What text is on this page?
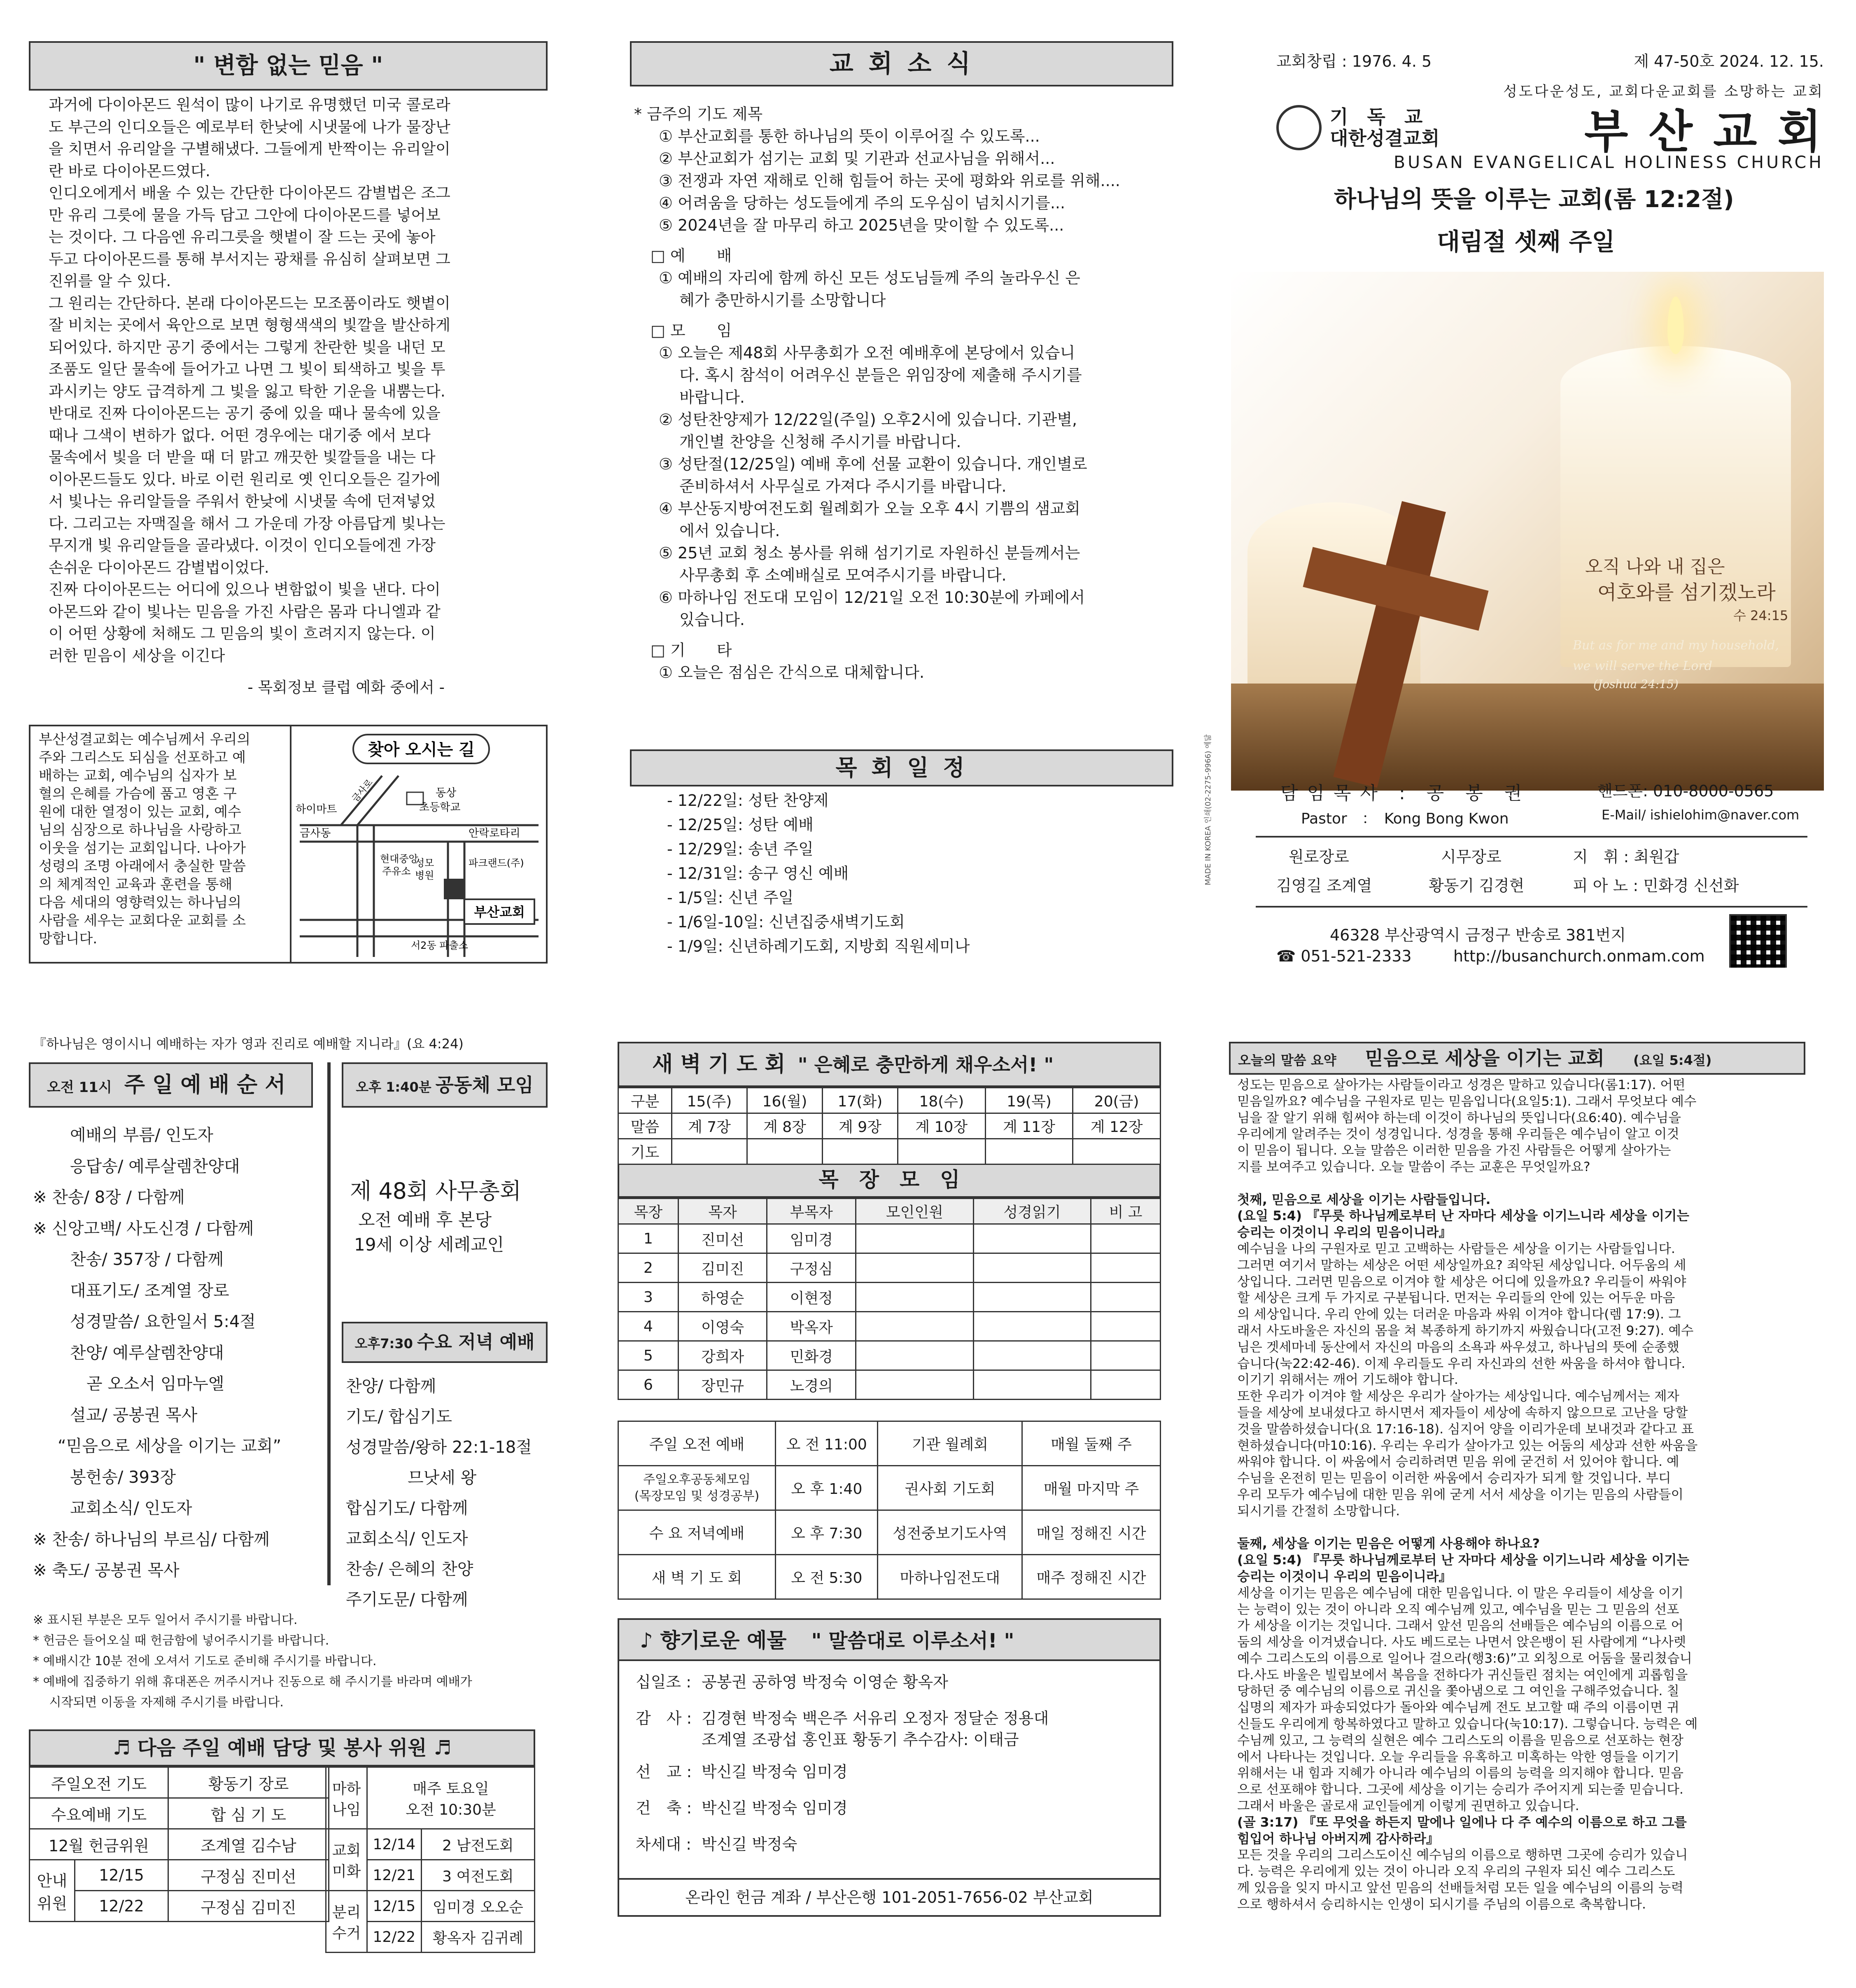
" 변함 없는 믿음 "
과거에 다이아몬드 원석이 많이 나기로 유명했던 미국 콜로라
도 부근의 인디오들은 예로부터 한낮에 시냇물에 나가 물장난
을 치면서 유리알을 구별해냈다. 그들에게 반짝이는 유리알이
란 바로 다이아몬드였다.
인디오에게서 배울 수 있는 간단한 다이아몬드 감별법은 조그
만 유리 그릇에 물을 가득 담고 그안에 다이아몬드를 넣어보
는 것이다. 그 다음엔 유리그릇을 햇볕이 잘 드는 곳에 놓아
두고 다이아몬드를 통해 부서지는 광채를 유심히 살펴보면 그
진위를 알 수 있다.
그 원리는 간단하다. 본래 다이아몬드는 모조품이라도 햇볕이
잘 비치는 곳에서 육안으로 보면 형형색색의 빛깔을 발산하게
되어있다. 하지만 공기 중에서는 그렇게 찬란한 빛을 내던 모
조품도 일단 물속에 들어가고 나면 그 빛이 퇴색하고 빛을 투
과시키는 양도 급격하게 그 빛을 잃고 탁한 기운을 내뿜는다.
반대로 진짜 다이아몬드는 공기 중에 있을 때나 물속에 있을
때나 그색이 변하가 없다. 어떤 경우에는 대기중 에서 보다
물속에서 빛을 더 받을 때 더 맑고 깨끗한 빛깔들을 내는 다
이아몬드들도 있다. 바로 이런 원리로 옛 인디오들은 길가에
서 빛나는 유리알들을 주워서 한낮에 시냇물 속에 던져넣었
다. 그리고는 자맥질을 해서 그 가운데 가장 아름답게 빛나는
무지개 빛 유리알들을 골라냈다. 이것이 인디오들에겐 가장
손쉬운 다이아몬드 감별법이었다.
진짜 다이아몬드는 어디에 있으나 변함없이 빛을 낸다. 다이
아몬드와 같이 빛나는 믿음을 가진 사람은 몸과 다니엘과 같
이 어떤 상황에 처해도 그 믿음의 빛이 흐려지지 않는다. 이
러한 믿음이 세상을 이긴다
- 목회정보 클럽 예화 중에서 -
부산성결교회는 예수님께서 우리의
주와 그리스도 되심을 선포하고 예
배하는 교회, 예수님의 십자가 보
혈의 은혜를 가슴에 품고 영혼 구
원에 대한 열정이 있는 교회, 예수
님의 심장으로 하나님을 사랑하고
이웃을 섬기는 교회입니다. 나아가
성령의 조명 아래에서 충실한 말씀
의 체계적인 교육과 훈련을 통해
다음 세대의 영향력있는 하나님의
사람을 세우는 교회다운 교회를 소
망합니다.
찾아 오시는 길
동상
초등학교
하이마트
금사동	안락로타리
현대중앙
주유소
성모
병원
파크랜드(주)
부산교회
서2동 파출소
금사로
교 회 소 식
* 금주의 기도 제목
① 부산교회를 통한 하나님의 뜻이 이루어질 수 있도록...
② 부산교회가 섬기는 교회 및 기관과 선교사님을 위해서...
③ 전쟁과 자연 재해로 인해 힘들어 하는 곳에 평화와 위로를 위해....
④ 어려움을 당하는 성도들에게 주의 도우심이 넘치시기를...
⑤ 2024년을 잘 마무리 하고 2025년을 맞이할 수 있도록...
□ 예　　배
① 예배의 자리에 함께 하신 모든 성도님들께 주의 놀라우신 은
　 혜가 충만하시기를 소망합니다
□ 모　　임
① 오늘은 제48회 사무총회가 오전 예배후에 본당에서 있습니
　 다. 혹시 참석이 어려우신 분들은 위임장에 제출해 주시기를
　 바랍니다.
② 성탄찬양제가 12/22일(주일) 오후2시에 있습니다. 기관별,
　 개인별 찬양을 신청해 주시기를 바랍니다.
③ 성탄절(12/25일) 예배 후에 선물 교환이 있습니다. 개인별로
　 준비하셔서 사무실로 가져다 주시기를 바랍니다.
④ 부산동지방여전도회 월례회가 오늘 오후 4시 기쁨의 샘교회
　 에서 있습니다.
⑤ 25년 교회 청소 봉사를 위해 섬기기로 자원하신 분들께서는
　 사무총회 후 소예배실로 모여주시기를 바랍니다.
⑥ 마하나임 전도대 모임이 12/21일 오전 10:30분에 카페에서
　 있습니다.
□ 기　　타
① 오늘은 점심은 간식으로 대체합니다.
목 회 일 정
- 12/22일: 성탄 찬양제
- 12/25일: 성탄 예배
- 12/29일: 송년 주일
- 12/31일: 송구 영신 예배
- 1/5일: 신년 주일
- 1/6일-10일: 신년집중새벽기도회
- 1/9일: 신년하례기도회, 지방회 직원세미나
교회창립 : 1976. 4. 5	제 47-50호 2024. 12. 15.
성도다운성도, 교회다운교회를 소망하는 교회
기　독　교
대한성결교회	부 산 교 회
BUSAN EVANGELICAL HOLINESS CHURCH
하나님의 뜻을 이루는 교회(롬 12:2절)
대림절 셋째 주일
오직 나와 내 집은
여호와를 섬기겠노라
수 24:15
But as for me and my household,
we will serve the Lord
(Joshua 24:15)
담 임 목 사　:　공　봉　권
Pastor　：　Kong Bong Kwon
핸드폰: 010-8000-0565
E-Mail/ ishielohim@naver.com
원로장로
김영길 조계열
시무장로
황동기 김경현
지　휘 : 최원갑
피 아 노 : 민화경 신선화
46328 부산광역시 금정구 반송로 381번지
☎ 051-521-2333	http://busanchurch.onmam.com
MADE IN KOREA 인쇄(02-2275-9966) 예닮
『하나님은 영이시니 예배하는 자가 영과 진리로 예배할 지니라』(요 4:24)
오전 11시 주 일 예 배 순 서
예배의 부름/ 인도자
응답송/ 예루살렘찬양대
※ 찬송/ 8장 / 다함께
※ 신앙고백/ 사도신경 / 다함께
찬송/ 357장 / 다함께
대표기도/ 조계열 장로
성경말씀/ 요한일서 5:4절
찬양/ 예루살렘찬양대
곧 오소서 임마누엘
설교/ 공봉권 목사
“믿음으로 세상을 이기는 교회”
봉헌송/ 393장
교회소식/ 인도자
※ 찬송/ 하나님의 부르심/ 다함께
※ 축도/ 공봉권 목사
오후 1:40분 공동체 모임
제 48회 사무총회
오전 예배 후 본당
19세 이상 세례교인
오후7:30 수요 저녁 예배
찬양/ 다함께
기도/ 합심기도
성경말씀/왕하 22:1-18절
므낫세 왕
합심기도/ 다함께
교회소식/ 인도자
찬송/ 은혜의 찬양
주기도문/ 다함께
※ 표시된 부분은 모두 일어서 주시기를 바랍니다.
* 헌금은 들어오실 때 헌금함에 넣어주시기를 바랍니다.
* 예배시간 10분 전에 오셔서 기도로 준비해 주시기를 바랍니다.
* 예배에 집중하기 위해 휴대폰은 꺼주시거나 진동으로 해 주시기를 바라며 예배가
　 시작되면 이동을 자제해 주시기를 바랍니다.
♬ 다음 주일 예배 담당 및 봉사 위원 ♬
주일오전 기도		황동기 장로
수요예배 기도		합 심 기 도
12월 헌금위원		조계열 김수남
안내위원	12/15	구정심 진미선
	12/22	구정심 김미진
마하나임	매주 토요일
오전 10:30분	

교회미화	12/14	2 남전도회
	12/21	3 여전도회
분리수거	12/15	임미경 오오순
	12/22	황옥자 김귀례
새 벽 기 도 회 " 은혜로 충만하게 채우소서! "
구분	15(주)	16(월)	17(화)	18(수)	19(목)	20(금)
말씀	계 7장	계 8장	계 9장	계 10장	계 11장	계 12장
기도						
목　장　모　임
목장	목자	부목자	모인인원	성경읽기	비 고
1	진미선	임미경			
2	김미진	구정심			
3	하영순	이현정			
4	이영숙	박옥자			
5	강희자	민화경			
6	장민규	노경의			
주일 오전 예배	오 전 11:00	기관 월례회	매월 둘째 주
주일오후공동체모임
(목장모임 및 성경공부)	오 후 1:40	권사회 기도회	매월 마지막 주
수 요 저녁예배	오 후 7:30	성전중보기도사역	매일 정해진 시간
새 벽 기 도 회	오 전 5:30	마하나임전도대	매주 정해진 시간
♪ 향기로운 예물 " 말씀대로 이루소서! "
십일조 : 공봉권 공하영 박정숙 이영순 황옥자
감　사 : 김경현 박정숙 백은주 서유리 오정자 정달순 정용대
조계열 조광섭 홍인표 황동기 추수감사: 이태금
선　교 : 박신길 박정숙 임미경
건　축 : 박신길 박정숙 임미경
차세대 : 박신길 박정숙
온라인 헌금 계좌 / 부산은행 101-2051-7656-02 부산교회
오늘의 말씀 요약 믿음으로 세상을 이기는 교회 (요일 5:4절)
성도는 믿음으로 살아가는 사람들이라고 성경은 말하고 있습니다(롬1:17). 어떤
믿음일까요? 예수님을 구원자로 믿는 믿음입니다(요일5:1). 그래서 무엇보다 예수
님을 잘 알기 위해 힘써야 하는데 이것이 하나님의 뜻입니다(요6:40). 예수님을
우리에게 알려주는 것이 성경입니다. 성경을 통해 우리들은 예수님이 알고 이것
이 믿음이 됩니다. 오늘 말씀은 이러한 믿음을 가진 사람들은 어떻게 살아가는
지를 보여주고 있습니다. 오늘 말씀이 주는 교훈은 무엇일까요?

첫째, 믿음으로 세상을 이기는 사람들입니다.
(요일 5:4) 『무릇 하나님께로부터 난 자마다 세상을 이기느니라 세상을 이기는
승리는 이것이니 우리의 믿음이니라』
예수님을 나의 구원자로 믿고 고백하는 사람들은 세상을 이기는 사람들입니다.
그러면 여기서 말하는 세상은 어떤 세상일까요? 죄악된 세상입니다. 어두움의 세
상입니다. 그러면 믿음으로 이겨야 할 세상은 어디에 있을까요? 우리들이 싸워야
할 세상은 크게 두 가지로 구분됩니다. 먼저는 우리들의 안에 있는 어두운 마음
의 세상입니다. 우리 안에 있는 더러운 마음과 싸워 이겨야 합니다(렘 17:9). 그
래서 사도바울은 자신의 몸을 쳐 복종하게 하기까지 싸웠습니다(고전 9:27). 예수
님은 겟세마네 동산에서 자신의 마음의 소욕과 싸우셨고, 하나님의 뜻에 순종했
습니다(눅22:42-46). 이제 우리들도 우리 자신과의 선한 싸움을 하셔야 합니다.
이기기 위해서는 깨어 기도해야 합니다.
또한 우리가 이겨야 할 세상은 우리가 살아가는 세상입니다. 예수님께서는 제자
들을 세상에 보내셨다고 하시면서 제자들이 세상에 속하지 않으므로 고난을 당할
것을 말씀하셨습니다(요 17:16-18). 심지어 양을 이리가운데 보내것과 같다고 표
현하셨습니다(마10:16). 우리는 우리가 살아가고 있는 어둠의 세상과 선한 싸움을
싸워야 합니다. 이 싸움에서 승리하려면 믿음 위에 굳건히 서 있어야 합니다. 예
수님을 온전히 믿는 믿음이 이러한 싸움에서 승리자가 되게 할 것입니다. 부디
우리 모두가 예수님에 대한 믿음 위에 굳게 서서 세상을 이기는 믿음의 사람들이
되시기를 간절히 소망합니다.

둘째, 세상을 이기는 믿음은 어떻게 사용해야 하나요?
(요일 5:4) 『무릇 하나님께로부터 난 자마다 세상을 이기느니라 세상을 이기는
승리는 이것이니 우리의 믿음이니라』
세상을 이기는 믿음은 예수님에 대한 믿음입니다. 이 말은 우리들이 세상을 이기
는 능력이 있는 것이 아니라 오직 예수님께 있고, 예수님을 믿는 그 믿음의 선포
가 세상을 이기는 것입니다. 그래서 앞선 믿음의 선배들은 예수님의 이름으로 어
둠의 세상을 이겨냈습니다. 사도 베드로는 나면서 앉은뱅이 된 사람에게 “나사렛
예수 그리스도의 이름으로 일어나 걸으라(행3:6)”고 외칭으로 어둠을 물리쳤습니
다.사도 바울은 빌립보에서 복음을 전하다가 귀신들린 점치는 여인에게 괴롭힘을
당하던 중 예수님의 이름으로 귀신을 쫓아냄으로 그 여인을 구해주었습니다. 칠
십명의 제자가 파송되었다가 돌아와 예수님께 전도 보고할 때 주의 이름이면 귀
신들도 우리에게 항복하였다고 말하고 있습니다(눅10:17). 그렇습니다. 능력은 예
수님께 있고, 그 능력의 실현은 예수 그리스도의 이름을 믿음으로 선포하는 현장
에서 나타나는 것입니다. 오늘 우리들을 유혹하고 미혹하는 악한 영들을 이기기
위해서는 내 힘과 지혜가 아니라 예수님의 이름의 능력을 의지해야 합니다. 믿음
으로 선포해야 합니다. 그곳에 세상을 이기는 승리가 주어지게 되는줄 믿습니다.
그래서 바울은 골로새 교인들에게 이렇게 권면하고 있습니다.
(골 3:17) 『또 무엇을 하든지 말에나 일에나 다 주 예수의 이름으로 하고 그를
힘입어 하나님 아버지께 감사하라』
모든 것을 우리의 그리스도이신 예수님의 이름으로 행하면 그곳에 승리가 있습니
다. 능력은 우리에게 있는 것이 아니라 오직 우리의 구원자 되신 예수 그리스도
께 있음을 잊지 마시고 앞선 믿음의 선배들처럼 모든 일을 예수님의 이름의 능력
으로 행하셔서 승리하시는 인생이 되시기를 주님의 이름으로 축복합니다.
